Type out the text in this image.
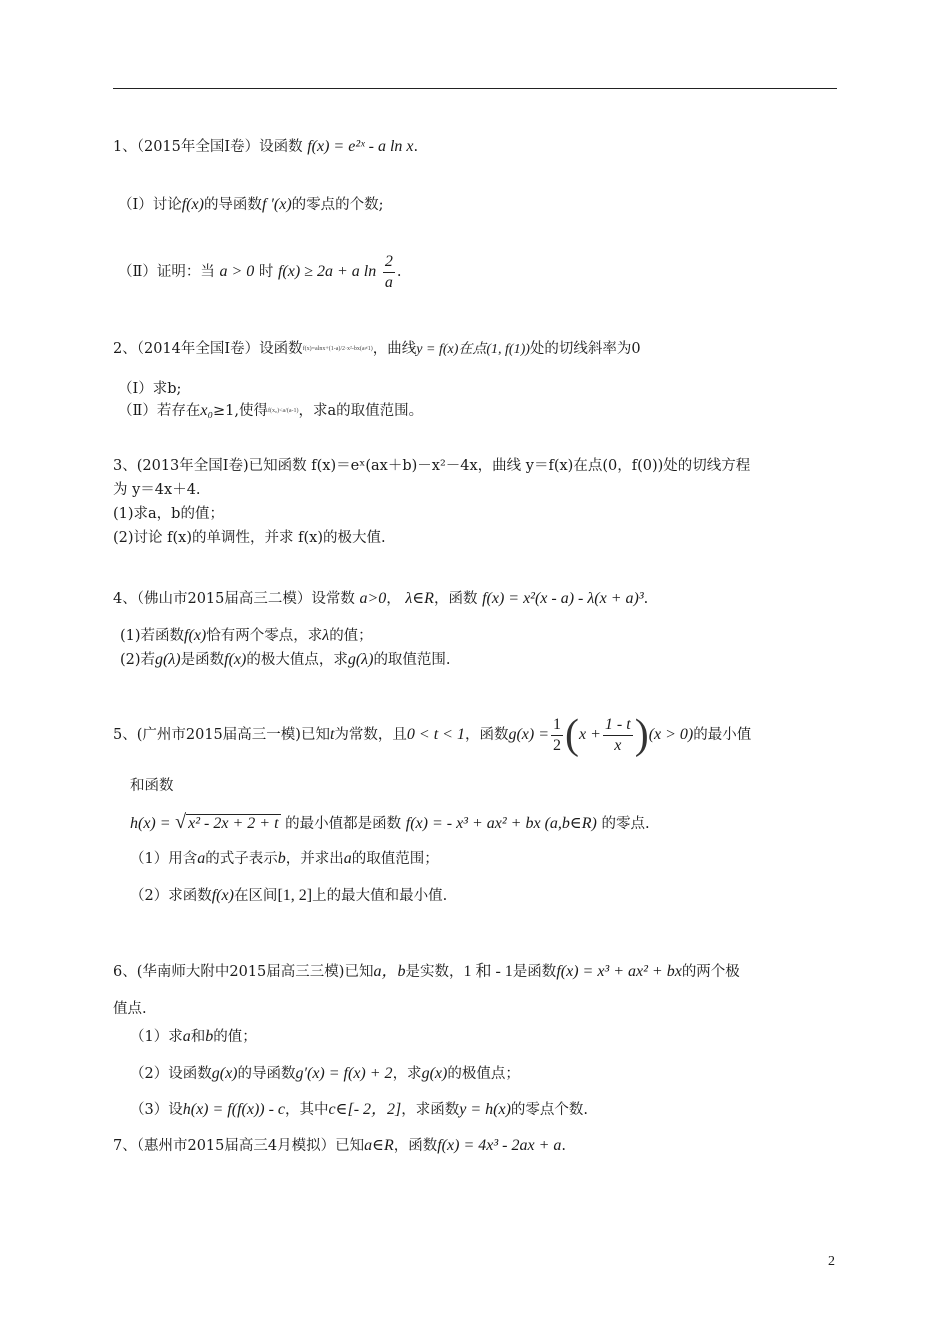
1、（2015年全国Ⅰ卷）设函数 f(x) = e²ˣ - a ln x.
（Ⅰ）讨论f(x)的导函数f ′(x)的零点的个数;
（Ⅱ）证明：当 a > 0 时 f(x) ≥ 2a + a $\ln \frac{2}{a}$ .
2、（2014年全国Ⅰ卷）设函数f(x)=alnx+(1-a)/2·x²-bx(a≠1)，曲线y = f(x)在点(1, f(1))处的切线斜率为0
（Ⅰ）求b;
（Ⅱ）若存在x₀≥1,使得f(x₀)<a/(a-1)，求a的取值范围。
3、(2013年全国Ⅰ卷)已知函数 f(x)＝eˣ(ax＋b)－x²－4x，曲线 y＝f(x)在点(0，f(0))处的切线方程
为 y＝4x＋4.
(1)求a，b的值；
(2)讨论 f(x)的单调性，并求 f(x)的极大值.
4、（佛山市2015届高三二模）设常数 a>0， λ∈R，函数 f(x) = x²(x - a) - λ(x + a)³.
(1)若函数f(x)恰有两个零点，求λ的值；
(2)若g(λ)是函数f(x)的极大值点，求g(λ)的取值范围.
5、(广州市2015届高三一模)已知t为常数，且0 < t < 1，函数$g(x) = \frac{1}{2} (x + \frac{1 - t}{x} )(x > 0)$的最小值
和函数
h(x) = √ x² - 2x + 2 + t 的最小值都是函数 f(x) = - x³ + ax² + bx (a,b∈R) 的零点.
（1）用含a的式子表示b，并求出a的取值范围；
（2）求函数f(x)在区间[1, 2]上的最大值和最小值.
6、(华南师大附中2015届高三三模)已知a，b是实数，1 和 - 1是函数f(x) = x³ + ax² + bx的两个极
值点.
（1）求a和b的值；
（2）设函数g(x)的导函数g′(x) = f(x) + 2，求g(x)的极值点；
（3）设h(x) = f(f(x)) - c，其中c∈[- 2，2]，求函数y = h(x)的零点个数.
7、（惠州市2015届高三4月模拟）已知a∈R，函数f(x) = 4x³ - 2ax + a.
2
